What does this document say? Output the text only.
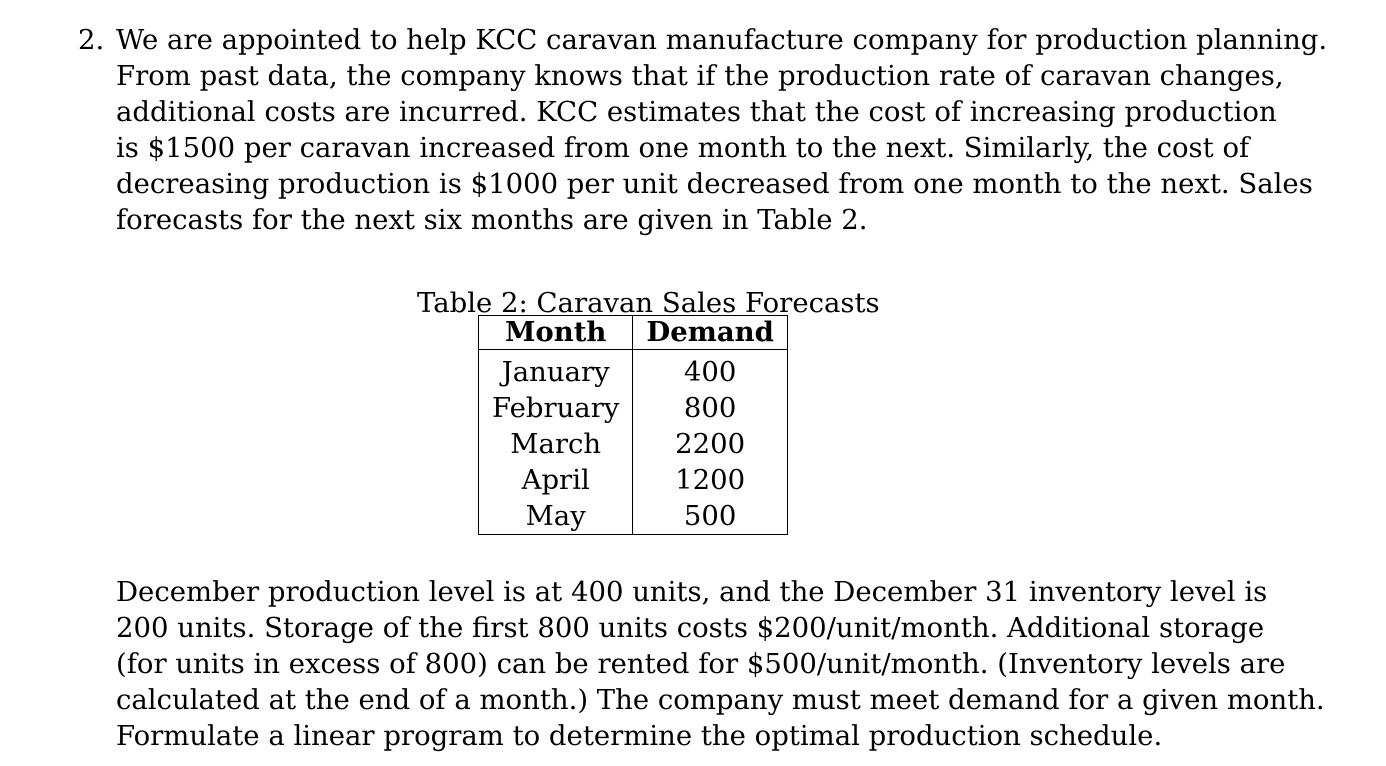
2. We are appointed to help KCC caravan manufacture company for production planning.
From past data, the company knows that if the production rate of caravan changes,
additional costs are incurred. KCC estimates that the cost of increasing production
is $1500 per caravan increased from one month to the next. Similarly, the cost of
decreasing production is $1000 per unit decreased from one month to the next. Sales
forecasts for the next six months are given in Table 2.
Table 2: Caravan Sales Forecasts
Month	Demand
January	400
February	800
March	2200
April	1200
May	500
December production level is at 400 units, and the December 31 inventory level is
200 units. Storage of the first 800 units costs $200/unit/month. Additional storage
(for units in excess of 800) can be rented for $500/unit/month. (Inventory levels are
calculated at the end of a month.) The company must meet demand for a given month.
Formulate a linear program to determine the optimal production schedule.
